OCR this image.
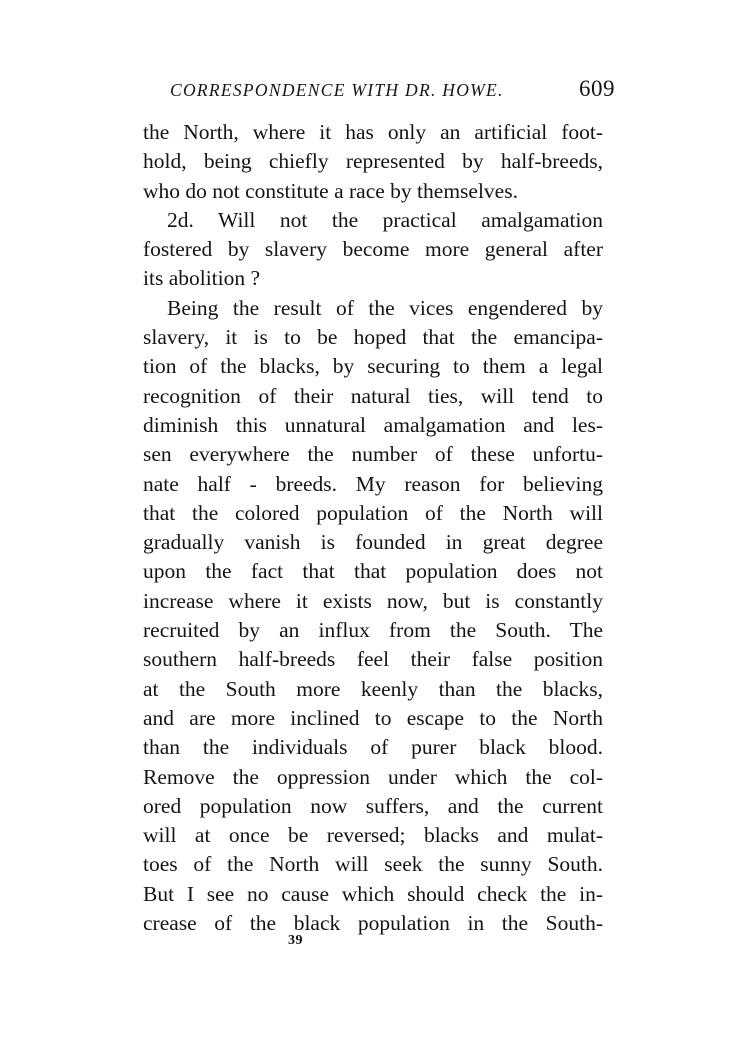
CORRESPONDENCE WITH DR. HOWE.	609
the North, where it has only an artificial foot-
hold, being chiefly represented by half-breeds,
who do not constitute a race by themselves.
2d. Will not the practical amalgamation
fostered by slavery become more general after
its abolition ?
Being the result of the vices engendered by
slavery, it is to be hoped that the emancipa-
tion of the blacks, by securing to them a legal
recognition of their natural ties, will tend to
diminish this unnatural amalgamation and les-
sen everywhere the number of these unfortu-
nate half - breeds. My reason for believing
that the colored population of the North will
gradually vanish is founded in great degree
upon the fact that that population does not
increase where it exists now, but is constantly
recruited by an influx from the South. The
southern half-breeds feel their false position
at the South more keenly than the blacks,
and are more inclined to escape to the North
than the individuals of purer black blood.
Remove the oppression under which the col-
ored population now suffers, and the current
will at once be reversed; blacks and mulat-
toes of the North will seek the sunny South.
But I see no cause which should check the in-
crease of the black population in the South-
39
